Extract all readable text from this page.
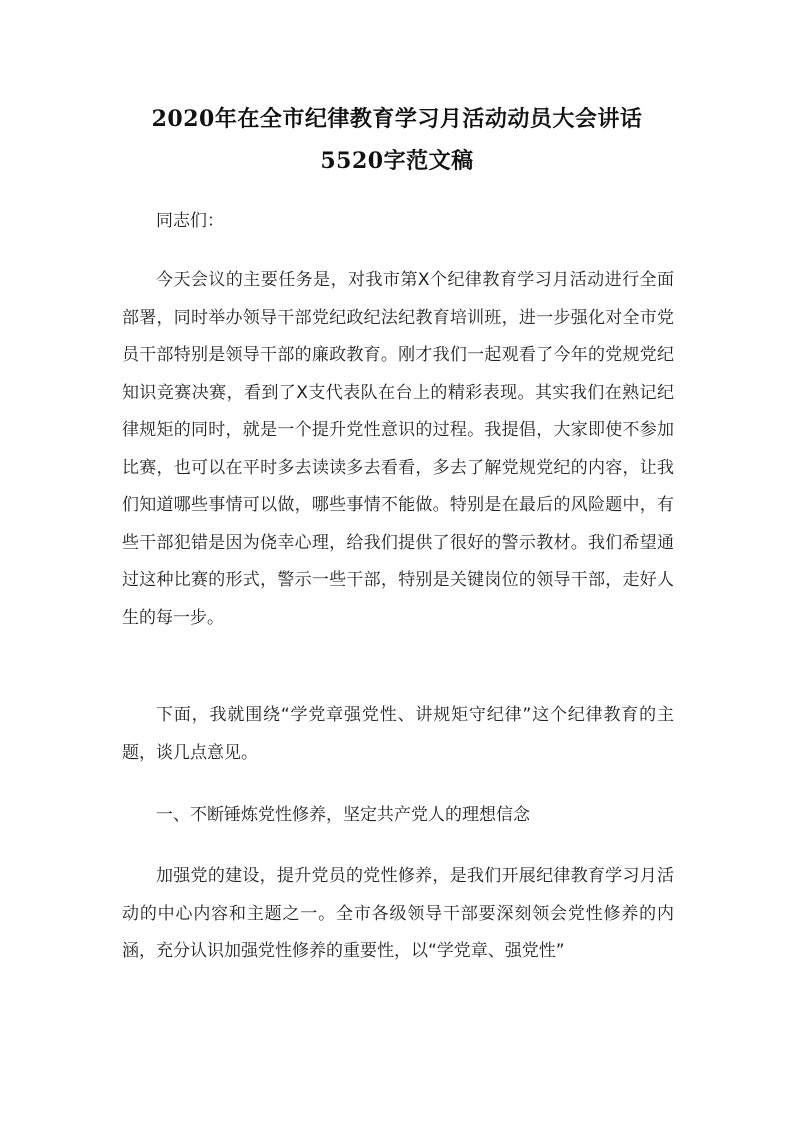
2020年在全市纪律教育学习月活动动员大会讲话
5520字范文稿

同志们：

今天会议的主要任务是，对我市第X个纪律教育学习月活动进行全面部署，同时举办领导干部党纪政纪法纪教育培训班，进一步强化对全市党员干部特别是领导干部的廉政教育。刚才我们一起观看了今年的党规党纪知识竞赛决赛，看到了X支代表队在台上的精彩表现。其实我们在熟记纪律规矩的同时，就是一个提升党性意识的过程。我提倡，大家即使不参加比赛，也可以在平时多去读读多去看看，多去了解党规党纪的内容，让我们知道哪些事情可以做，哪些事情不能做。特别是在最后的风险题中，有些干部犯错是因为侥幸心理，给我们提供了很好的警示教材。我们希望通过这种比赛的形式，警示一些干部，特别是关键岗位的领导干部，走好人生的每一步。

下面，我就围绕“学党章强党性、讲规矩守纪律”这个纪律教育的主题，谈几点意见。

一、不断锤炼党性修养，坚定共产党人的理想信念

加强党的建设，提升党员的党性修养，是我们开展纪律教育学习月活动的中心内容和主题之一。全市各级领导干部要深刻领会党性修养的内涵，充分认识加强党性修养的重要性，以“学党章、强党性”
